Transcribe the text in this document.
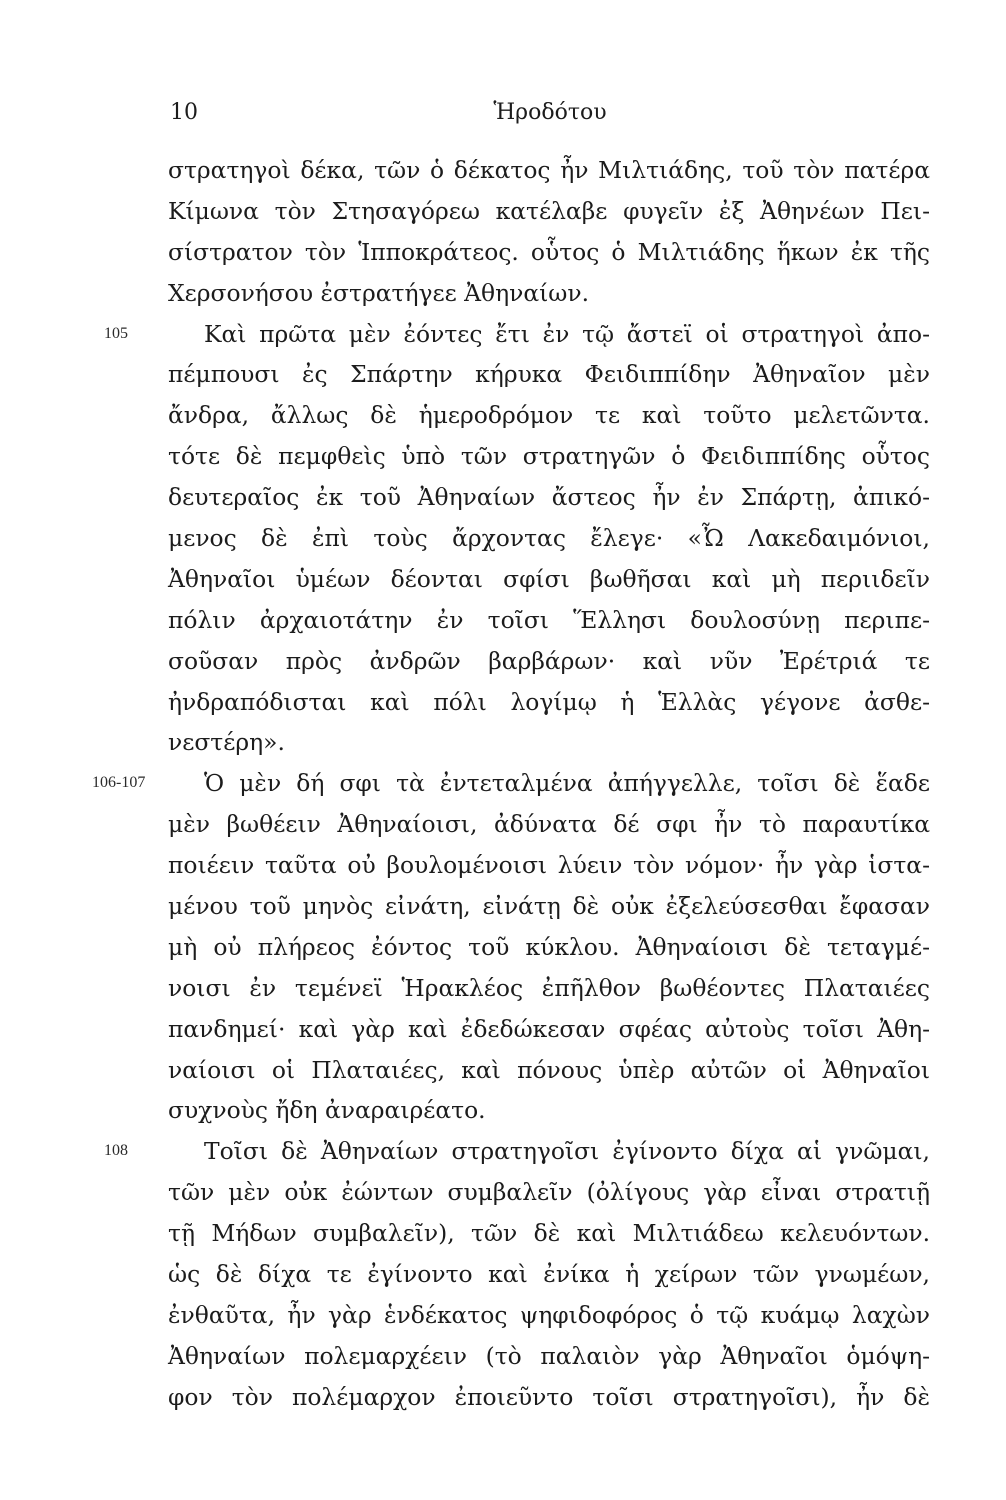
10	Ἡροδότου
στρατηγοὶ δέκα, τῶν ὁ δέκατος ἦν Μιλτιάδης, τοῦ τὸν πατέρα
Κίμωνα τὸν Στησαγόρεω κατέλαβε φυγεῖν ἐξ Ἀθηνέων Πει-
σίστρατον τὸν Ἱπποκράτεος. οὗτος ὁ Μιλτιάδης ἥκων ἐκ τῆς
Χερσονήσου ἐστρατήγεε Ἀθηναίων.
105	Καὶ πρῶτα μὲν ἐόντες ἔτι ἐν τῷ ἄστεϊ οἱ στρατηγοὶ ἀπο-
πέμπουσι ἐς Σπάρτην κήρυκα Φειδιππίδην Ἀθηναῖον μὲν
ἄνδρα, ἄλλως δὲ ἡμεροδρόμον τε καὶ τοῦτο μελετῶντα.
τότε δὲ πεμφθεὶς ὑπὸ τῶν στρατηγῶν ὁ Φειδιππίδης οὗτος
δευτεραῖος ἐκ τοῦ Ἀθηναίων ἄστεος ἦν ἐν Σπάρτῃ, ἀπικό-
μενος δὲ ἐπὶ τοὺς ἄρχοντας ἔλεγε· «Ὦ Λακεδαιμόνιοι,
Ἀθηναῖοι ὑμέων δέονται σφίσι βωθῆσαι καὶ μὴ περιιδεῖν
πόλιν ἀρχαιοτάτην ἐν τοῖσι Ἕλλησι δουλοσύνῃ περιπε-
σοῦσαν πρὸς ἀνδρῶν βαρβάρων· καὶ νῦν Ἐρέτριά τε
ἠνδραπόδισται καὶ πόλι λογίμῳ ἡ Ἑλλὰς γέγονε ἀσθε-
νεστέρη».
106-107	Ὁ μὲν δή σφι τὰ ἐντεταλμένα ἀπήγγελλε, τοῖσι δὲ ἕαδε
μὲν βωθέειν Ἀθηναίοισι, ἀδύνατα δέ σφι ἦν τὸ παραυτίκα
ποιέειν ταῦτα οὐ βουλομένοισι λύειν τὸν νόμον· ἦν γὰρ ἱστα-
μένου τοῦ μηνὸς εἰνάτη, εἰνάτῃ δὲ οὐκ ἐξελεύσεσθαι ἔφασαν
μὴ οὐ πλήρεος ἐόντος τοῦ κύκλου. Ἀθηναίοισι δὲ τεταγμέ-
νοισι ἐν τεμένεϊ Ἡρακλέος ἐπῆλθον βωθέοντες Πλαταιέες
πανδημεί· καὶ γὰρ καὶ ἐδεδώκεσαν σφέας αὐτοὺς τοῖσι Ἀθη-
ναίοισι οἱ Πλαταιέες, καὶ πόνους ὑπὲρ αὐτῶν οἱ Ἀθηναῖοι
συχνοὺς ἤδη ἀναραιρέατο.
108	Τοῖσι δὲ Ἀθηναίων στρατηγοῖσι ἐγίνοντο δίχα αἱ γνῶμαι,
τῶν μὲν οὐκ ἐώντων συμβαλεῖν (ὀλίγους γὰρ εἶναι στρατιῇ
τῇ Μήδων συμβαλεῖν), τῶν δὲ καὶ Μιλτιάδεω κελευόντων.
ὡς δὲ δίχα τε ἐγίνοντο καὶ ἐνίκα ἡ χείρων τῶν γνωμέων,
ἐνθαῦτα, ἦν γὰρ ἑνδέκατος ψηφιδοφόρος ὁ τῷ κυάμῳ λαχὼν
Ἀθηναίων πολεμαρχέειν (τὸ παλαιὸν γὰρ Ἀθηναῖοι ὁμόψη-
φον τὸν πολέμαρχον ἐποιεῦντο τοῖσι στρατηγοῖσι), ἦν δὲ
